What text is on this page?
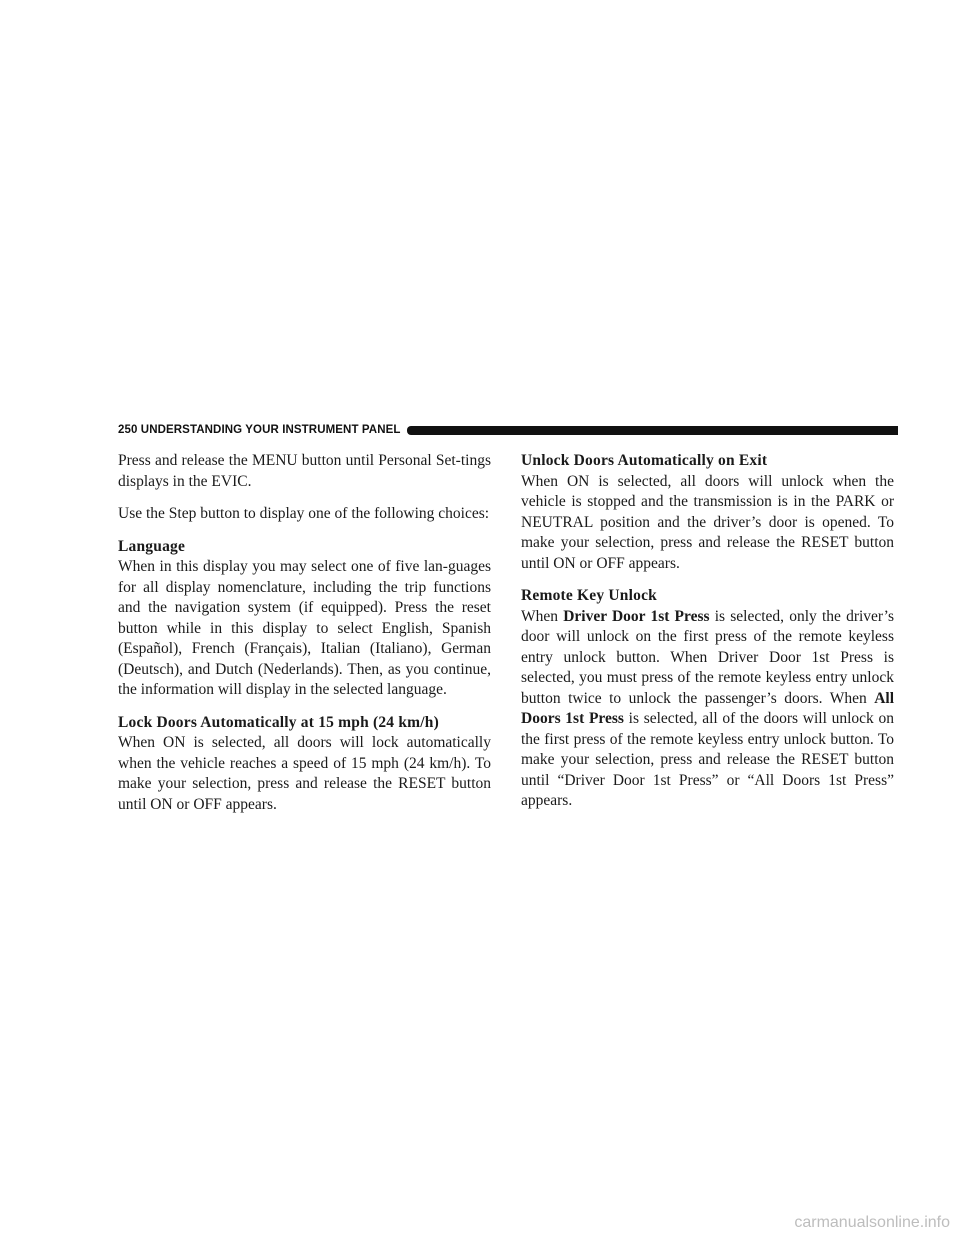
250 UNDERSTANDING YOUR INSTRUMENT PANEL

Press and release the MENU button until Personal Set-tings displays in the EVIC.

Use the Step button to display one of the following choices:

Language

When in this display you may select one of five lan-guages for all display nomenclature, including the trip functions and the navigation system (if equipped). Press the reset button while in this display to select English, Spanish (Español), French (Français), Italian (Italiano), German (Deutsch), and Dutch (Nederlands). Then, as you continue, the information will display in the selected language.

Lock Doors Automatically at 15 mph (24 km/h)

When ON is selected, all doors will lock automatically when the vehicle reaches a speed of 15 mph (24 km/h). To make your selection, press and release the RESET button until ON or OFF appears.

Unlock Doors Automatically on Exit

When ON is selected, all doors will unlock when the vehicle is stopped and the transmission is in the PARK or NEUTRAL position and the driver’s door is opened. To make your selection, press and release the RESET button until ON or OFF appears.

Remote Key Unlock

When Driver Door 1st Press is selected, only the driver’s door will unlock on the first press of the remote keyless entry unlock button. When Driver Door 1st Press is selected, you must press of the remote keyless entry unlock button twice to unlock the passenger’s doors. When All Doors 1st Press is selected, all of the doors will unlock on the first press of the remote keyless entry unlock button. To make your selection, press and release the RESET button until “Driver Door 1st Press” or “All Doors 1st Press” appears.

carmanualsonline.info
